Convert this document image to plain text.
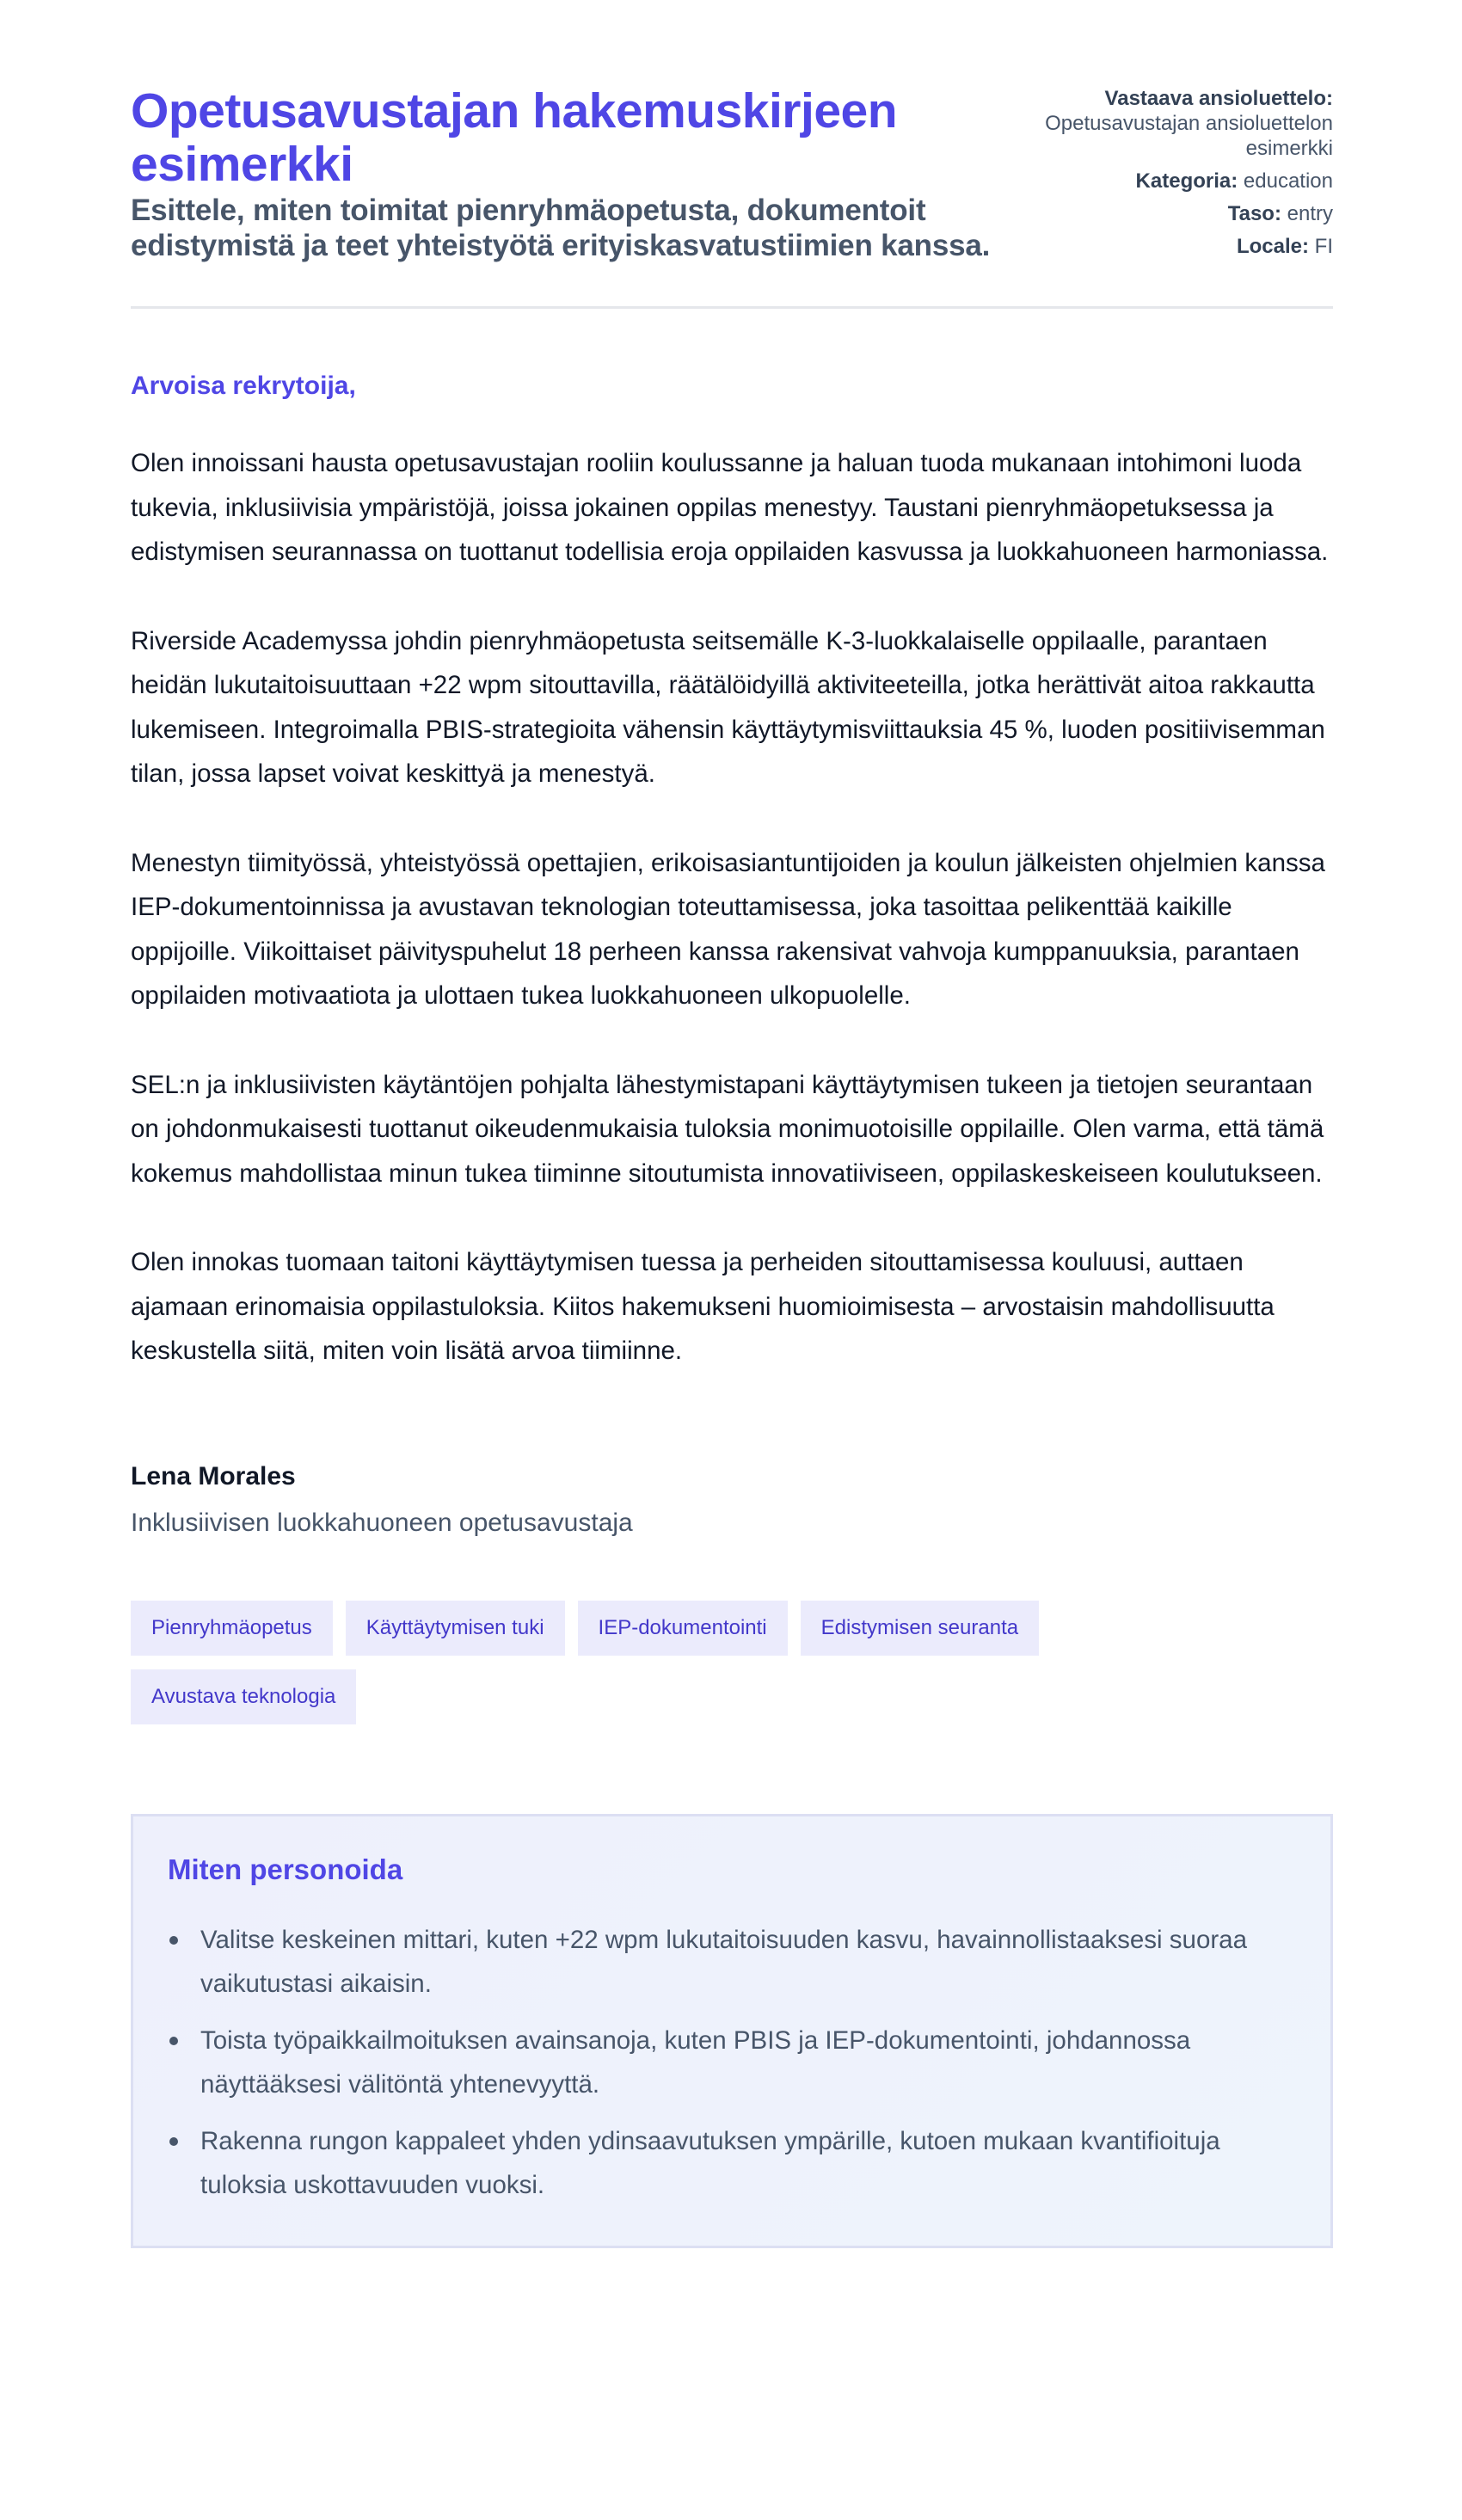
Opetusavustajan hakemuskirjeen esimerkki

Esittele, miten toimitat pienryhmäopetusta, dokumentoit edistymistä ja teet yhteistyötä erityiskasvatustiimien kanssa.

Vastaava ansioluettelo: Opetusavustajan ansioluettelon esimerkki
Kategoria: education
Taso: entry
Locale: FI

Arvoisa rekrytoija,

Olen innoissani hausta opetusavustajan rooliin koulussanne ja haluan tuoda mukanaan intohimoni luoda tukevia, inklusiivisia ympäristöjä, joissa jokainen oppilas menestyy. Taustani pienryhmäopetuksessa ja edistymisen seurannassa on tuottanut todellisia eroja oppilaiden kasvussa ja luokkahuoneen harmoniassa.

Riverside Academyssa johdin pienryhmäopetusta seitsemälle K-3-luokkalaiselle oppilaalle, parantaen heidän lukutaitoisuuttaan +22 wpm sitouttavilla, räätälöidyillä aktiviteeteilla, jotka herättivät aitoa rakkautta lukemiseen. Integroimalla PBIS-strategioita vähensin käyttäytymisviittauksia 45 %, luoden positiivisemman tilan, jossa lapset voivat keskittyä ja menestyä.

Menestyn tiimityössä, yhteistyössä opettajien, erikoisasiantuntijoiden ja koulun jälkeisten ohjelmien kanssa IEP-dokumentoinnissa ja avustavan teknologian toteuttamisessa, joka tasoittaa pelikenttää kaikille oppijoille. Viikoittaiset päivityspuhelut 18 perheen kanssa rakensivat vahvoja kumppanuuksia, parantaen oppilaiden motivaatiota ja ulottaen tukea luokkahuoneen ulkopuolelle.

SEL:n ja inklusiivisten käytäntöjen pohjalta lähestymistapani käyttäytymisen tukeen ja tietojen seurantaan on johdonmukaisesti tuottanut oikeudenmukaisia tuloksia monimuotoisille oppilaille. Olen varma, että tämä kokemus mahdollistaa minun tukea tiiminne sitoutumista innovatiiviseen, oppilaskeskeiseen koulutukseen.

Olen innokas tuomaan taitoni käyttäytymisen tuessa ja perheiden sitouttamisessa kouluusi, auttaen ajamaan erinomaisia oppilastuloksia. Kiitos hakemukseni huomioimisesta – arvostaisin mahdollisuutta keskustella siitä, miten voin lisätä arvoa tiimiinne.

Lena Morales

Inklusiivisen luokkahuoneen opetusavustaja

Pienryhmäopetus	Käyttäytymisen tuki	IEP-dokumentointi	Edistymisen seuranta
Avustava teknologia
Miten personoida
Valitse keskeinen mittari, kuten +22 wpm lukutaitoisuuden kasvu, havainnollistaaksesi suoraa vaikutustasi aikaisin.
Toista työpaikkailmoituksen avainsanoja, kuten PBIS ja IEP-dokumentointi, johdannossa näyttääksesi välitöntä yhtenevyyttä.
Rakenna rungon kappaleet yhden ydinsaavutuksen ympärille, kutoen mukaan kvantifioituja tuloksia uskottavuuden vuoksi.
